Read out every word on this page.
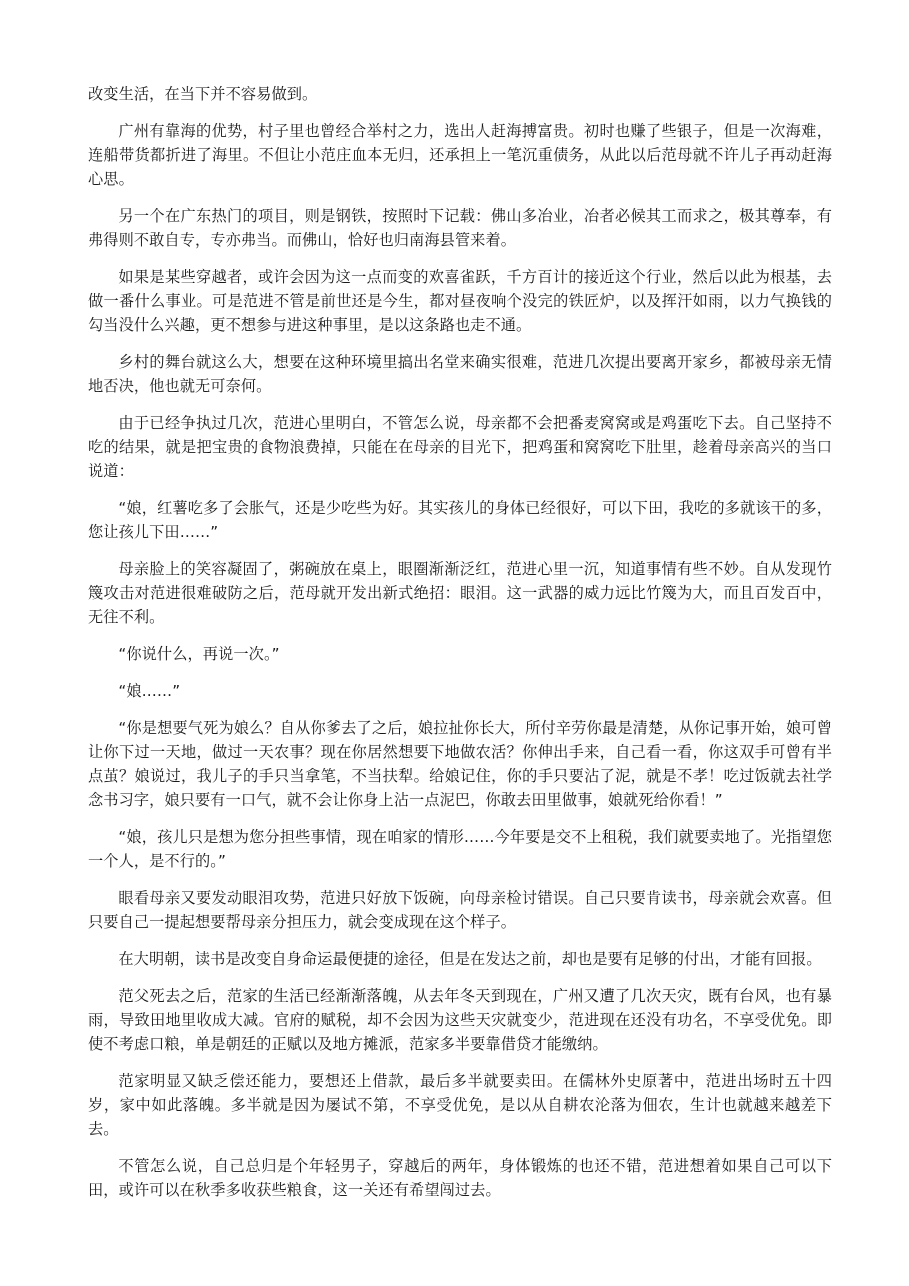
改变生活，在当下并不容易做到。

广州有靠海的优势，村子里也曾经合举村之力，选出人赶海搏富贵。初时也赚了些银子，但是一次海难，连船带货都折进了海里。不但让小范庄血本无归，还承担上一笔沉重债务，从此以后范母就不许儿子再动赶海心思。

另一个在广东热门的项目，则是钢铁，按照时下记载：佛山多冶业，冶者必候其工而求之，极其尊奉，有弗得则不敢自专，专亦弗当。而佛山，恰好也归南海县管来着。

如果是某些穿越者，或许会因为这一点而变的欢喜雀跃，千方百计的接近这个行业，然后以此为根基，去做一番什么事业。可是范进不管是前世还是今生，都对昼夜响个没完的铁匠炉，以及挥汗如雨，以力气换钱的勾当没什么兴趣，更不想参与进这种事里，是以这条路也走不通。

乡村的舞台就这么大，想要在这种环境里搞出名堂来确实很难，范进几次提出要离开家乡，都被母亲无情地否决，他也就无可奈何。

由于已经争执过几次，范进心里明白，不管怎么说，母亲都不会把番麦窝窝或是鸡蛋吃下去。自己坚持不吃的结果，就是把宝贵的食物浪费掉，只能在在母亲的目光下，把鸡蛋和窝窝吃下肚里，趁着母亲高兴的当口说道：

“娘，红薯吃多了会胀气，还是少吃些为好。其实孩儿的身体已经很好，可以下田，我吃的多就该干的多，您让孩儿下田……”

母亲脸上的笑容凝固了，粥碗放在桌上，眼圈渐渐泛红，范进心里一沉，知道事情有些不妙。自从发现竹篾攻击对范进很难破防之后，范母就开发出新式绝招：眼泪。这一武器的威力远比竹篾为大，而且百发百中，无往不利。

“你说什么，再说一次。”

“娘……”

“你是想要气死为娘么？自从你爹去了之后，娘拉扯你长大，所付辛劳你最是清楚，从你记事开始，娘可曾让你下过一天地，做过一天农事？现在你居然想要下地做农活？你伸出手来，自己看一看，你这双手可曾有半点茧？娘说过，我儿子的手只当拿笔，不当扶犁。给娘记住，你的手只要沾了泥，就是不孝！吃过饭就去社学念书习字，娘只要有一口气，就不会让你身上沾一点泥巴，你敢去田里做事，娘就死给你看！”

“娘，孩儿只是想为您分担些事情，现在咱家的情形……今年要是交不上租税，我们就要卖地了。光指望您一个人，是不行的。”

眼看母亲又要发动眼泪攻势，范进只好放下饭碗，向母亲检讨错误。自己只要肯读书，母亲就会欢喜。但只要自己一提起想要帮母亲分担压力，就会变成现在这个样子。

在大明朝，读书是改变自身命运最便捷的途径，但是在发达之前，却也是要有足够的付出，才能有回报。

范父死去之后，范家的生活已经渐渐落魄，从去年冬天到现在，广州又遭了几次天灾，既有台风，也有暴雨，导致田地里收成大减。官府的赋税，却不会因为这些天灾就变少，范进现在还没有功名，不享受优免。即使不考虑口粮，单是朝廷的正赋以及地方摊派，范家多半要靠借贷才能缴纳。

范家明显又缺乏偿还能力，要想还上借款，最后多半就要卖田。在儒林外史原著中，范进出场时五十四岁，家中如此落魄。多半就是因为屡试不第，不享受优免，是以从自耕农沦落为佃农，生计也就越来越差下去。

不管怎么说，自己总归是个年轻男子，穿越后的两年，身体锻炼的也还不错，范进想着如果自己可以下田，或许可以在秋季多收获些粮食，这一关还有希望闯过去。
